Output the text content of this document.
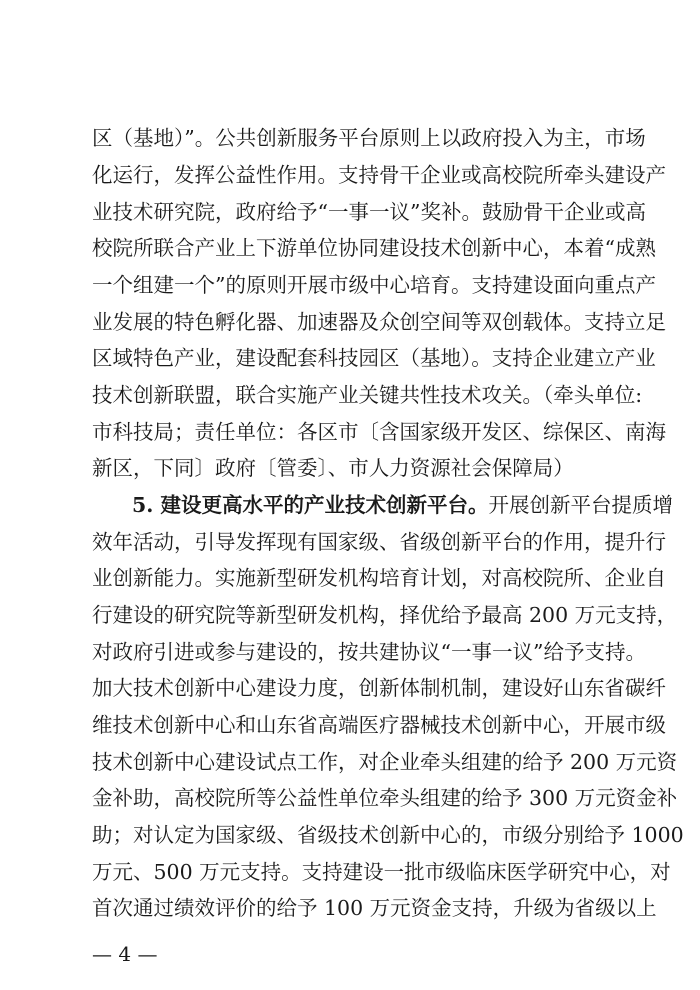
区（基地）”。公共创新服务平台原则上以政府投入为主，市场
化运行，发挥公益性作用。支持骨干企业或高校院所牵头建设产
业技术研究院，政府给予“一事一议”奖补。鼓励骨干企业或高
校院所联合产业上下游单位协同建设技术创新中心，本着“成熟
一个组建一个”的原则开展市级中心培育。支持建设面向重点产
业发展的特色孵化器、加速器及众创空间等双创载体。支持立足
区域特色产业，建设配套科技园区（基地）。支持企业建立产业
技术创新联盟，联合实施产业关键共性技术攻关。（牵头单位:
市科技局；责任单位：各区市〔含国家级开发区、综保区、南海
新区，下同〕政府〔管委〕、市人力资源社会保障局）
5. 建设更高水平的产业技术创新平台。开展创新平台提质增
效年活动，引导发挥现有国家级、省级创新平台的作用，提升行
业创新能力。实施新型研发机构培育计划，对高校院所、企业自
行建设的研究院等新型研发机构，择优给予最高 200 万元支持，
对政府引进或参与建设的，按共建协议“一事一议”给予支持。
加大技术创新中心建设力度，创新体制机制，建设好山东省碳纤
维技术创新中心和山东省高端医疗器械技术创新中心，开展市级
技术创新中心建设试点工作，对企业牵头组建的给予 200 万元资
金补助，高校院所等公益性单位牵头组建的给予 300 万元资金补
助；对认定为国家级、省级技术创新中心的，市级分别给予 1000
万元、500 万元支持。支持建设一批市级临床医学研究中心，对
首次通过绩效评价的给予 100 万元资金支持，升级为省级以上
— 4 —
